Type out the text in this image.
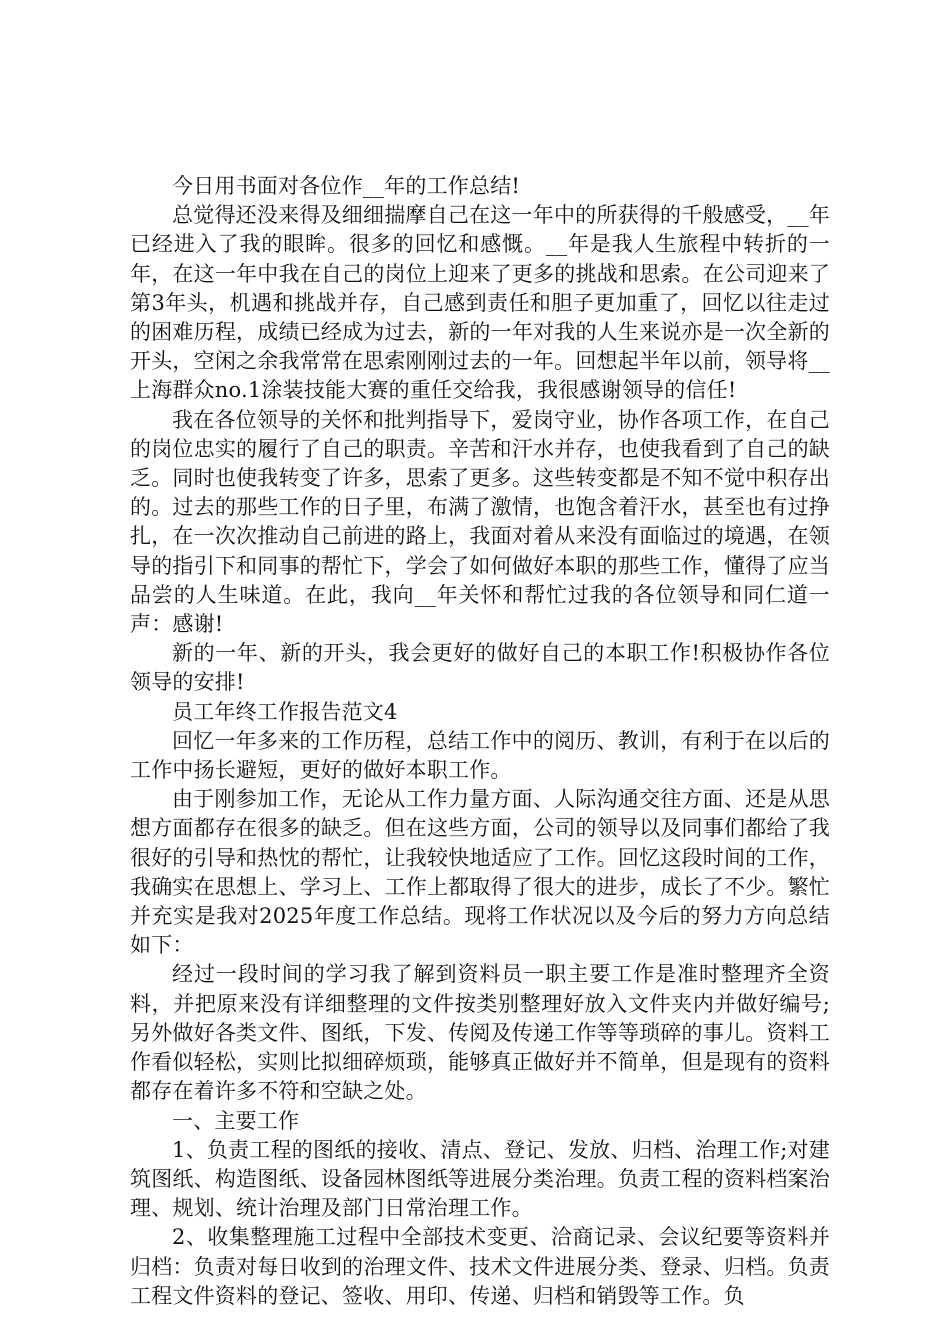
今日用书面对各位作__年的工作总结!

总觉得还没来得及细细揣摩自己在这一年中的所获得的千般感受，__年已经进入了我的眼眸。很多的回忆和感慨。__年是我人生旅程中转折的一年，在这一年中我在自己的岗位上迎来了更多的挑战和思索。在公司迎来了第3年头，机遇和挑战并存，自己感到责任和胆子更加重了，回忆以往走过的困难历程，成绩已经成为过去，新的一年对我的人生来说亦是一次全新的开头，空闲之余我常常在思索刚刚过去的一年。回想起半年以前，领导将__上海群众no.1涂装技能大赛的重任交给我，我很感谢领导的信任!

我在各位领导的关怀和批判指导下，爱岗守业，协作各项工作，在自己的岗位忠实的履行了自己的职责。辛苦和汗水并存，也使我看到了自己的缺乏。同时也使我转变了许多，思索了更多。这些转变都是不知不觉中积存出的。过去的那些工作的日子里，布满了激情，也饱含着汗水，甚至也有过挣扎，在一次次推动自己前进的路上，我面对着从来没有面临过的境遇，在领导的指引下和同事的帮忙下，学会了如何做好本职的那些工作，懂得了应当品尝的人生味道。在此，我向__年关怀和帮忙过我的各位领导和同仁道一声：感谢!

新的一年、新的开头，我会更好的做好自己的本职工作!积极协作各位领导的安排!

员工年终工作报告范文4

回忆一年多来的工作历程，总结工作中的阅历、教训，有利于在以后的工作中扬长避短，更好的做好本职工作。

由于刚参加工作，无论从工作力量方面、人际沟通交往方面、还是从思想方面都存在很多的缺乏。但在这些方面，公司的领导以及同事们都给了我很好的引导和热忱的帮忙，让我较快地适应了工作。回忆这段时间的工作，我确实在思想上、学习上、工作上都取得了很大的进步，成长了不少。繁忙并充实是我对2025年度工作总结。现将工作状况以及今后的努力方向总结如下：

经过一段时间的学习我了解到资料员一职主要工作是准时整理齐全资料，并把原来没有详细整理的文件按类别整理好放入文件夹内并做好编号;另外做好各类文件、图纸，下发、传阅及传递工作等等琐碎的事儿。资料工作看似轻松，实则比拟细碎烦琐，能够真正做好并不简单，但是现有的资料都存在着许多不符和空缺之处。

一、主要工作

1、负责工程的图纸的接收、清点、登记、发放、归档、治理工作;对建筑图纸、构造图纸、设备园林图纸等进展分类治理。负责工程的资料档案治理、规划、统计治理及部门日常治理工作。

2、收集整理施工过程中全部技术变更、洽商记录、会议纪要等资料并归档：负责对每日收到的治理文件、技术文件进展分类、登录、归档。负责工程文件资料的登记、签收、用印、传递、归档和销毁等工作。负
